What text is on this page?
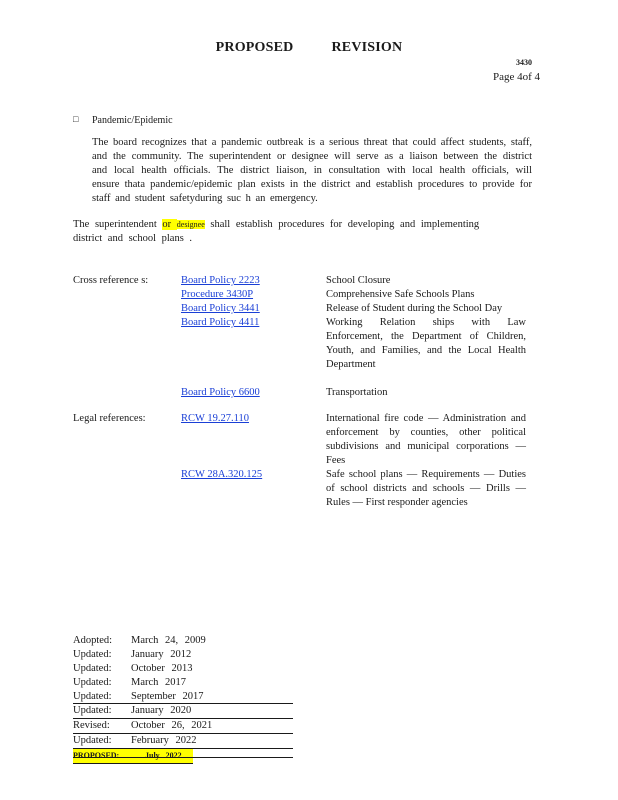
PROPOSED	REVISION
3430
Page 4of 4
□ Pandemic/Epidemic
The board recognizes that a pandemic outbreak is a serious threat that could affect students, staff, and the community. The superintendent or designee will serve as a liaison between the district and local health officials. The district liaison, in consultation with local health officials, will ensure thata pandemic/epidemic plan exists in the district and establish procedures to provide for staff and student safetyduring suc h an emergency.
The superintendent or designee shall establish procedures for developing and implementing district and school plans .
Cross reference s:	Board Policy 2223	School Closure
Procedure 3430P	Comprehensive Safe Schools Plans
Board Policy 3441	Release of Student during the School Day
Board Policy 4411	Working Relation ships with Law Enforcement, the Department of Children, Youth, and Families, and the Local Health Department
Board Policy 6600	Transportation
Legal references:	RCW 19.27.110	International fire code — Administration and enforcement by counties, other political subdivisions and municipal corporations — Fees
RCW 28A.320.125	Safe school plans — Requirements — Duties of school districts and schools — Drills — Rules — First responder agencies
Adopted: March 24, 2009
Updated: January 2012
Updated: October 2013
Updated: March 2017
Updated: September 2017
Updated: January 2020
Revised: October 26, 2021
Updated: February 2022
PROPOSED:	July 2022
